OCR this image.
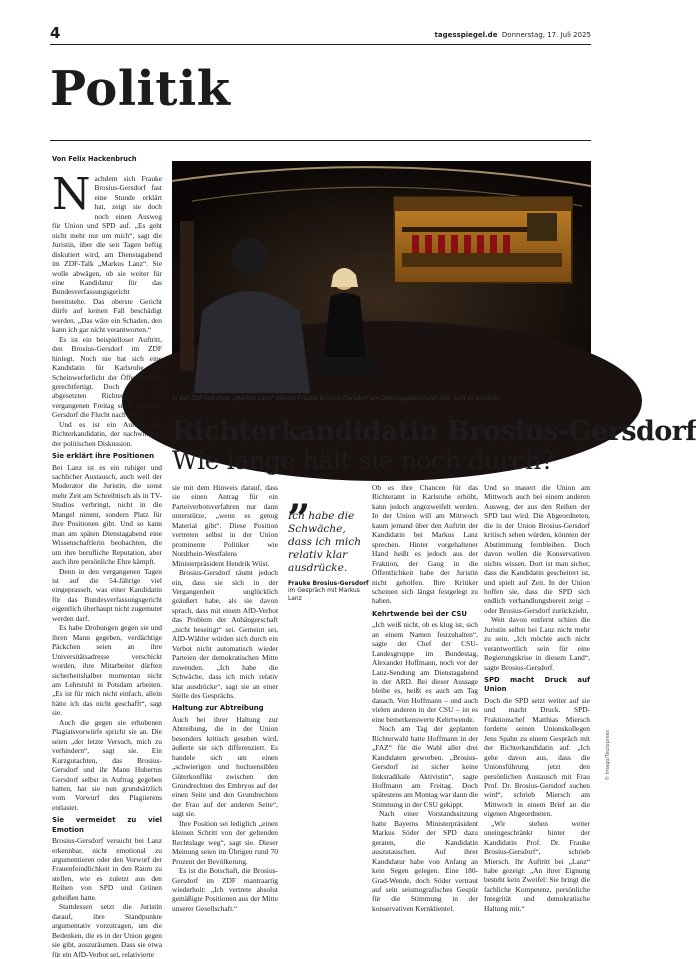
4	tagesspiegel.de Donnerstag, 17. Juli 2025
Politik
Von Felix Hackenbruch
In der ZDF-Talkshow „Markus Lanz“ bekam Frauke Brosius-Gersdorf am Dienstagabend viel Zeit, sich zu erklären.
Richterkandidatin Brosius-Gersdorf
Wie lange hält sie noch durch?

Nachdem sich Frauke Brosius-Gersdorf fast eine Stunde erklärt hat, zeigt sie doch noch einen Ausweg für Union und SPD auf. „Es geht nicht mehr nur um mich“, sagt die Juristin, über die seit Tagen heftig diskutiert wird, am Dienstagabend im ZDF-Talk „Markus Lanz“. Sie wolle abwägen, ob sie weiter für eine Kandidatur für das Bundesverfassungsgericht bereitstehe. Das oberste Gericht dürfe auf keinen Fall beschädigt werden. „Das wäre ein Schaden, den kann ich gar nicht verantworten.“

Es ist ein beispielloser Auftritt, den Brosius-Gersdorf im ZDF hinlegt. Noch nie hat sich eine Kandidatin für Karlsruhe im Scheinwerferlicht der Öffentlichkeit gerechtfertigt. Doch nach der abgesetzten Richterwahl am vergangenen Freitag sucht Brosius-Gersdorf die Flucht nach vorn.

Und es ist ein Auftritt der Richterkandidatin, der nachwirkt in der politischen Diskussion.

Sie erklärt ihre Positionen

Bei Lanz ist es ein ruhiger und sachlicher Austausch, auch weil der Moderator die Juristin, die sonst mehr Zeit am Schreibtisch als in TV-Studios verbringt, nicht in die Mangel nimmt, sondern Platz für ihre Positionen gibt. Und so kann man am späten Dienstagabend eine Wissenschaftlerin beobachten, die um ihre berufliche Reputation, aber auch ihre persönliche Ehre kämpft.

Denn in den vergangenen Tagen ist auf die 54-Jährige viel eingeprasselt, was einer Kandidatin für das Bundesverfassungsgericht eigentlich überhaupt nicht zugemutet werden darf.

Es habe Drohungen gegen sie und ihren Mann gegeben, verdächtige Päckchen seien an ihre Universitätsadresse verschickt worden, ihre Mitarbeiter dürften sicherheitshalber momentan nicht am Lehrstuhl in Potsdam arbeiten. „Es ist für mich nicht einfach, allein hätte ich das nicht geschafft“, sagt sie.

Auch die gegen sie erhobenen Plagiatsvorwürfe spricht sie an. Die seien „der letzte Versuch, mich zu verhindern“, sagt sie. Ein Kurzgutachten, das Brosius-Gersdorf und ihr Mann Hubertus Gersdorf selbst in Auftrag gegeben hatten, hat sie nun grundsätzlich vom Vorwurf des Plagiierens entlastet.

Sie vermeidet zu viel Emotion

Brosius-Gersdorf versucht bei Lanz erkennbar, nicht emotional zu argumentieren oder den Vorwurf der Frauenfeindlichkeit in den Raum zu stellen, wie es zuletzt aus den Reihen von SPD und Grünen geheißen hatte.

Stattdessen setzt die Juristin darauf, ihre Standpunkte argumentativ vorzutragen, um die Bedenken, die es in der Union gegen sie gibt, auszuräumen. Dass sie etwa für ein AfD-Verbot sei, relativierte

sie mit dem Hinweis darauf, dass sie einen Antrag für ein Parteiverbotsverfahren nur dann unterstütze, „wenn es genug Material gibt“. Diese Position vertreten selbst in der Union prominente Politiker wie Nordrhein-Westfalens Ministerpräsident Hendrik Wüst.

Brosius-Gersdorf räumt jedoch ein, dass sie sich in der Vergangenheit unglücklich geäußert habe, als sie davon sprach, dass mit einem AfD-Verbot das Problem der Anhängerschaft „nicht beseitigt“ sei. Gemeint sei, AfD-Wähler würden sich durch ein Verbot nicht automatisch wieder Parteien der demokratischen Mitte zuwenden. „Ich habe die Schwäche, dass ich mich relativ klar ausdrücke“, sagt sie an einer Stelle des Gesprächs.

Haltung zur Abtreibung

Auch bei ihrer Haltung zur Abtreibung, die in der Union besonders kritisch gesehen wird, äußerte sie sich differenziert. Es handele sich um einen „schwierigen und hochsensiblen Güterkonflikt zwischen den Grundrechten des Embryos auf der einen Seite und den Grundrechten der Frau auf der anderen Seite“, sagt sie.

Ihre Position sei lediglich „einen kleinen Schritt von der geltenden Rechtslage weg“, sagt sie. Dieser Meinung seien im Übrigen rund 70 Prozent der Bevölkerung.

Es ist die Botschaft, die Brosius-Gersdorf im ZDF mantraartig wiederholt: „Ich vertrete absolut gemäßigte Positionen aus der Mitte unserer Gesellschaft.“

„
Ich habe die Schwäche, dass ich mich relativ klar ausdrücke.
Frauke Brosius-Gersdorf im Gespräch mit Markus Lanz

Ob es ihre Chancen für das Richteramt in Karlsruhe erhöht, kann jedoch angezweifelt werden. In der Union will am Mittwoch kaum jemand über den Auftritt der Kandidatin bei Markus Lanz sprechen. Hinter vorgehaltener Hand heißt es jedoch aus der Fraktion, der Gang in die Öffentlichkeit habe der Juristin nicht geholfen. Ihre Kritiker scheinen sich längst festgelegt zu haben.

Kehrtwende bei der CSU

„Ich weiß nicht, ob es klug ist, sich an einem Namen festzuhalten“, sagte der Chef der CSU-Landesgruppe im Bundestag, Alexander Hoffmann, noch vor der Lanz-Sendung am Dienstagabend in der ARD. Bei dieser Aussage bleibe es, heißt es auch am Tag danach. Von Hoffmann – und auch vielen anderen in der CSU – ist es eine bemerkenswerte Kehrtwende.

Noch am Tag der geplanten Richterwahl hatte Hoffmann in der „FAZ“ für die Wahl aller drei Kandidaten geworben. „Brosius-Gersdorf ist sicher keine linksradikale Aktivistin“, sagte Hoffmann am Freitag. Doch spätestens am Montag war dann die Stimmung in der CSU gekippt.

Nach einer Vorstandssitzung hatte Bayerns Ministerpräsident Markus Söder der SPD dazu geraten, die Kandidatin auszutauschen. Auf ihrer Kandidatur habe von Anfang an kein Segen gelegen. Eine 180-Grad-Wende, doch Söder vertraut auf sein seismografisches Gespür für die Stimmung in der konservativen Kernklientel.

Und so mauert die Union am Mittwoch auch bei einem anderen Ausweg, der aus den Reihen der SPD laut wird. Die Abgeordneten, die in der Union Brosius-Gersdorf kritisch sehen würden, könnten der Abstimmung fernbleiben. Doch davon wollen die Konservativen nichts wissen. Dort ist man sicher, dass die Kandidatin gescheitert ist, und spielt auf Zeit. In der Union hoffen sie, dass die SPD sich endlich verhandlungsbereit zeigt – oder Brosius-Gersdorf zurückzieht.

Weit davon entfernt schien die Juristin selbst bei Lanz nicht mehr zu sein. „Ich möchte auch nicht verantwortlich sein für eine Regierungskrise in diesem Land“, sagte Brosius-Gersdorf.

SPD macht Druck auf Union

Doch die SPD setzt weiter auf sie und macht Druck. SPD-Fraktionschef Matthias Miersch forderte seinen Unionskollegen Jens Spahn zu einem Gespräch mit der Richterkandidatin auf. „Ich gehe davon aus, dass die Unionsführung jetzt den persönlichen Austausch mit Frau Prof. Dr. Brosius-Gersdorf suchen wird“, schrieb Miersch am Mittwoch in einem Brief an die eigenen Abgeordneten.

„Wir stehen weiter uneingeschränkt hinter der Kandidatin Prof. Dr. Frauke Brosius-Gersdorf“, schrieb Miersch. Ihr Auftritt bei „Lanz“ habe gezeigt: „An ihrer Eignung besteht kein Zweifel: Sie bringt die fachliche Kompetenz, persönliche Integrität und demokratische Haltung mit.“

© Imago/Teutopress
